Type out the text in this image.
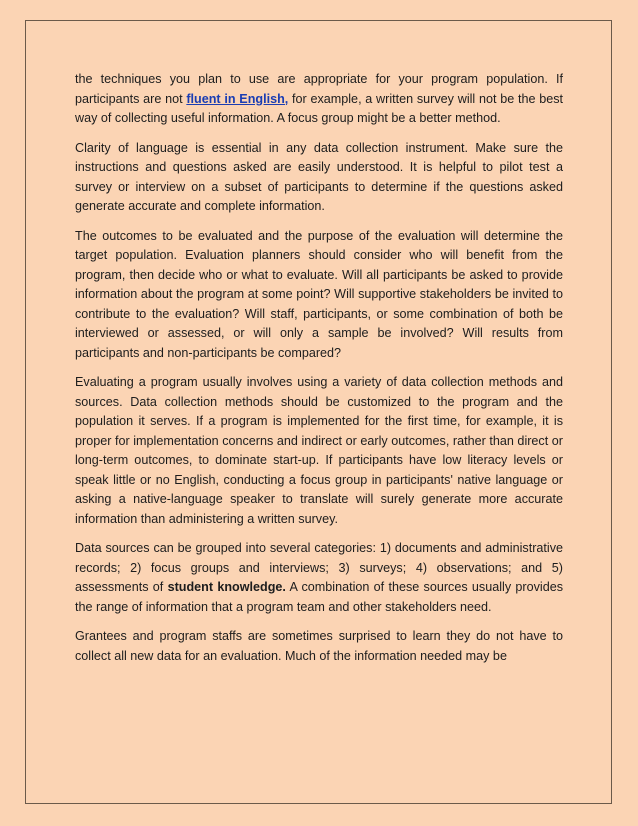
the techniques you plan to use are appropriate for your program population. If participants are not fluent in English, for example, a written survey will not be the best way of collecting useful information. A focus group might be a better method.

Clarity of language is essential in any data collection instrument. Make sure the instructions and questions asked are easily understood. It is helpful to pilot test a survey or interview on a subset of participants to determine if the questions asked generate accurate and complete information.

The outcomes to be evaluated and the purpose of the evaluation will determine the target population. Evaluation planners should consider who will benefit from the program, then decide who or what to evaluate. Will all participants be asked to provide information about the program at some point? Will supportive stakeholders be invited to contribute to the evaluation? Will staff, participants, or some combination of both be interviewed or assessed, or will only a sample be involved? Will results from participants and non-participants be compared?

Evaluating a program usually involves using a variety of data collection methods and sources. Data collection methods should be customized to the program and the population it serves. If a program is implemented for the first time, for example, it is proper for implementation concerns and indirect or early outcomes, rather than direct or long-term outcomes, to dominate start-up. If participants have low literacy levels or speak little or no English, conducting a focus group in participants' native language or asking a native-language speaker to translate will surely generate more accurate information than administering a written survey.

Data sources can be grouped into several categories: 1) documents and administrative records; 2) focus groups and interviews; 3) surveys; 4) observations; and 5) assessments of student knowledge. A combination of these sources usually provides the range of information that a program team and other stakeholders need.

Grantees and program staffs are sometimes surprised to learn they do not have to collect all new data for an evaluation. Much of the information needed may be
